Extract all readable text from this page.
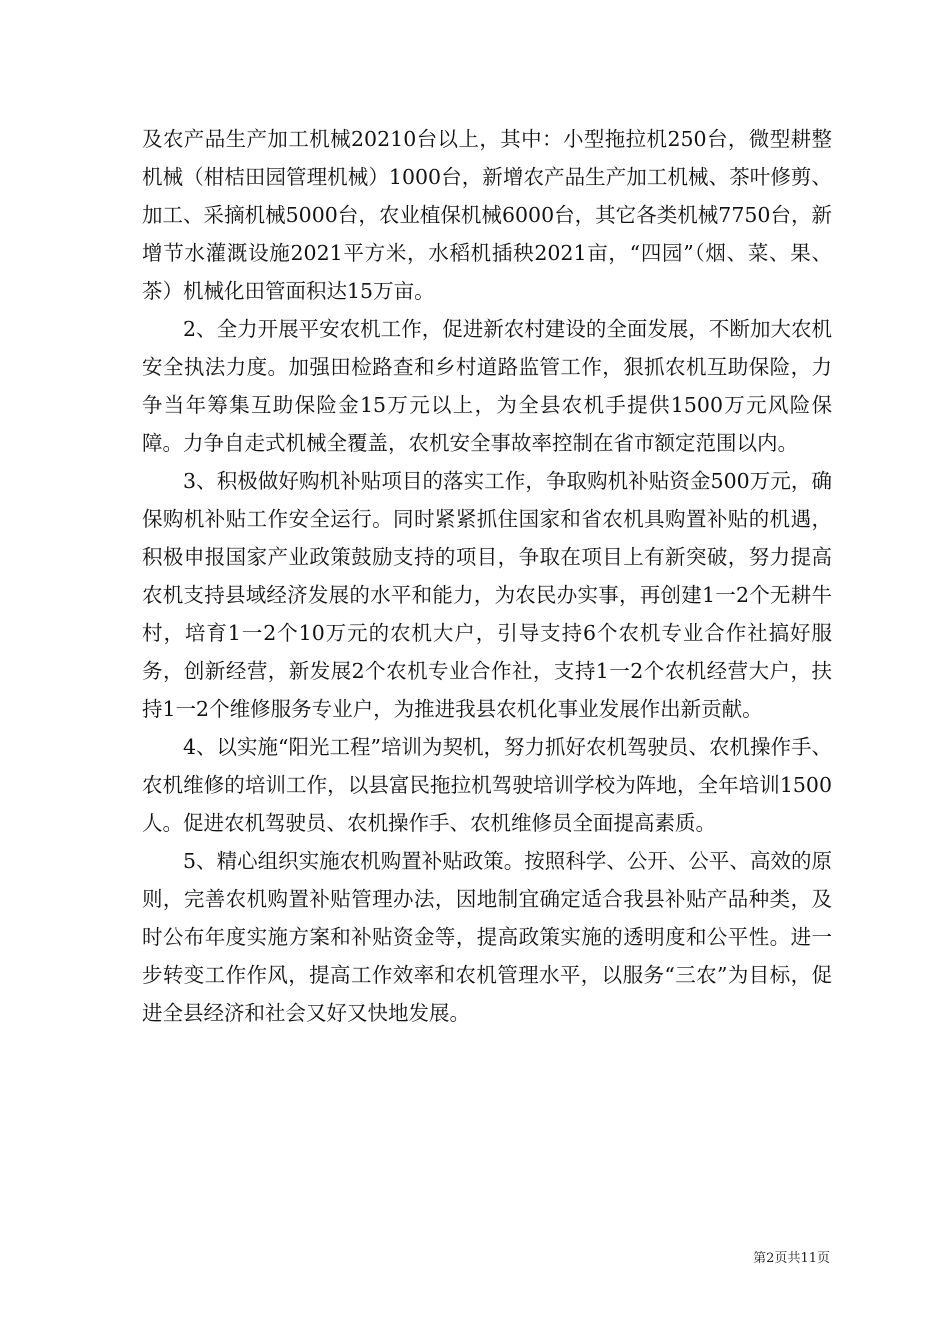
及农产品生产加工机械20210台以上，其中：小型拖拉机250台，微型耕整机械（柑桔田园管理机械）1000台，新增农产品生产加工机械、茶叶修剪、加工、采摘机械5000台，农业植保机械6000台，其它各类机械7750台，新增节水灌溉设施2021平方米，水稻机插秧2021亩，“四园”（烟、菜、果、茶）机械化田管面积达15万亩。

2、全力开展平安农机工作，促进新农村建设的全面发展，不断加大农机安全执法力度。加强田检路查和乡村道路监管工作，狠抓农机互助保险，力争当年筹集互助保险金15万元以上，为全县农机手提供1500万元风险保障。力争自走式机械全覆盖，农机安全事故率控制在省市额定范围以内。

3、积极做好购机补贴项目的落实工作，争取购机补贴资金500万元，确保购机补贴工作安全运行。同时紧紧抓住国家和省农机具购置补贴的机遇，积极申报国家产业政策鼓励支持的项目，争取在项目上有新突破，努力提高农机支持县域经济发展的水平和能力，为农民办实事，再创建1一2个无耕牛村，培育1一2个10万元的农机大户，引导支持6个农机专业合作社搞好服务，创新经营，新发展2个农机专业合作社，支持1一2个农机经营大户，扶持1一2个维修服务专业户，为推进我县农机化事业发展作出新贡献。

4、以实施“阳光工程”培训为契机，努力抓好农机驾驶员、农机操作手、农机维修的培训工作，以县富民拖拉机驾驶培训学校为阵地，全年培训1500人。促进农机驾驶员、农机操作手、农机维修员全面提高素质。

5、精心组织实施农机购置补贴政策。按照科学、公开、公平、高效的原则，完善农机购置补贴管理办法，因地制宜确定适合我县补贴产品种类，及时公布年度实施方案和补贴资金等，提高政策实施的透明度和公平性。进一步转变工作作风，提高工作效率和农机管理水平，以服务“三农”为目标，促进全县经济和社会又好又快地发展。

第2页共11页
